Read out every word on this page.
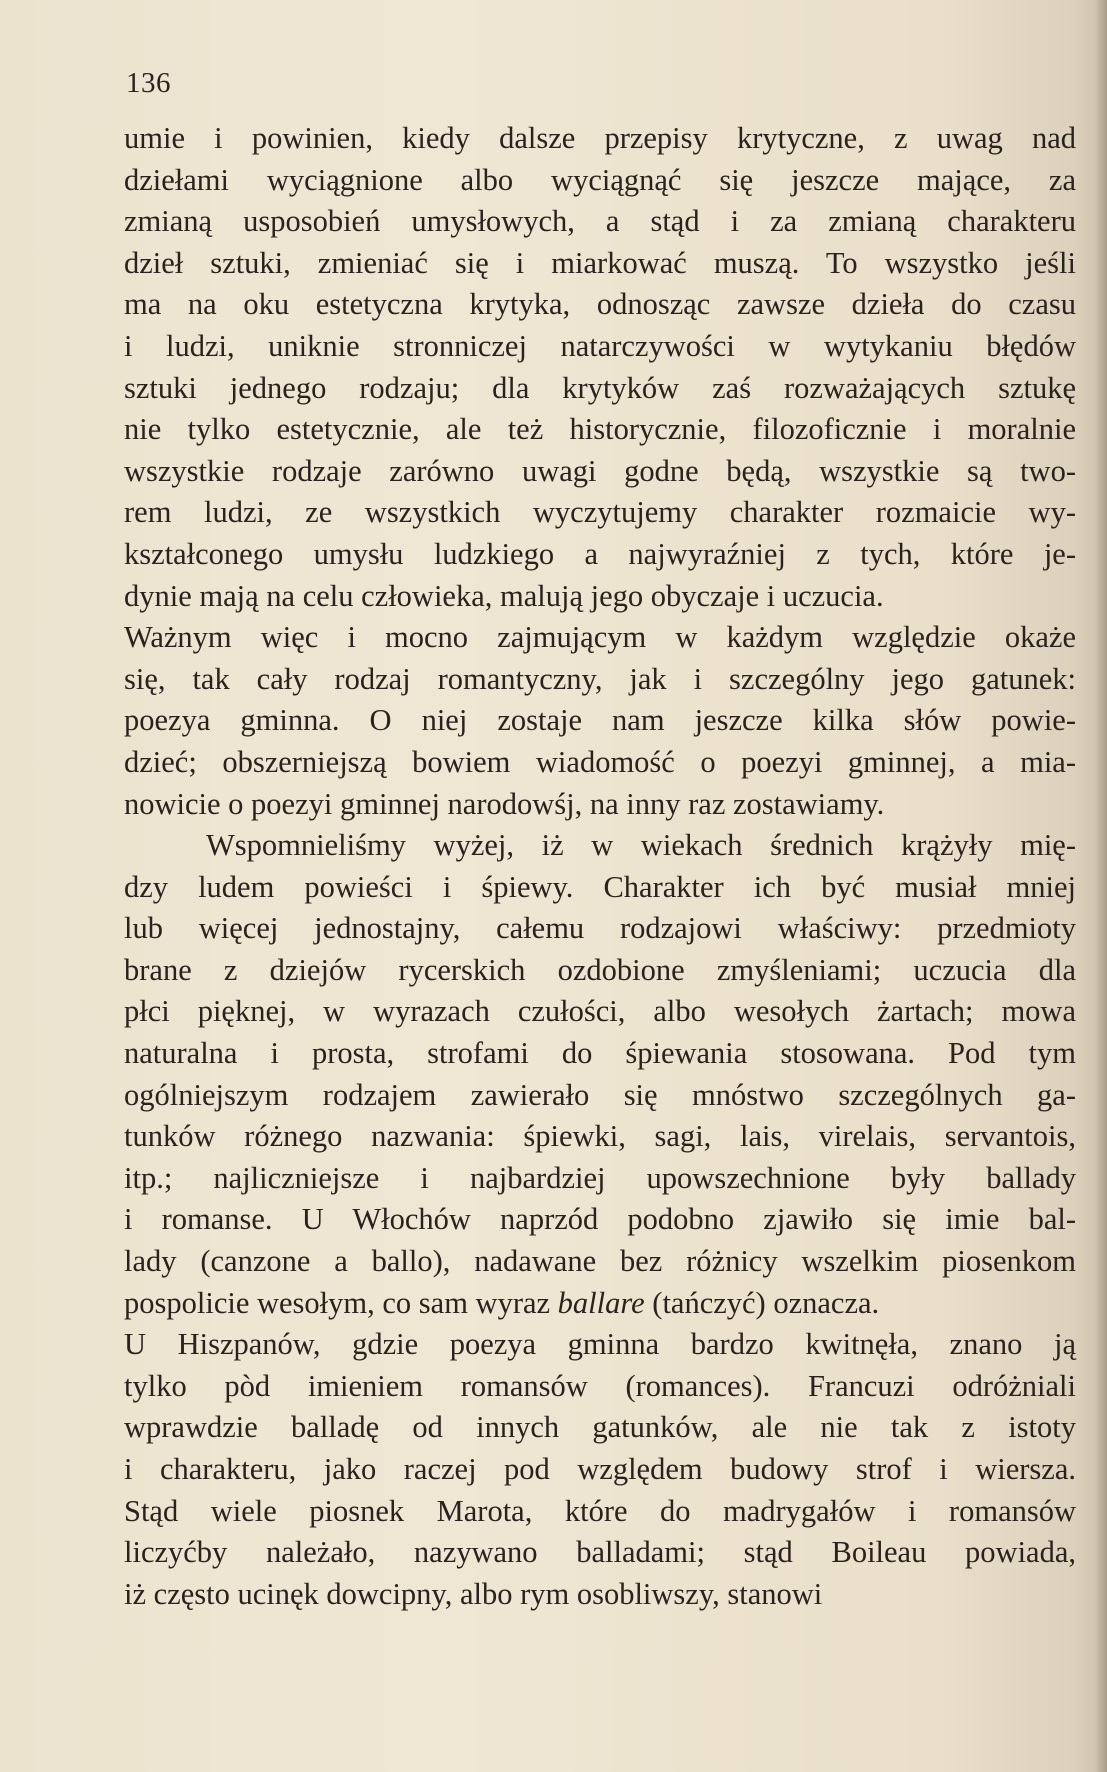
136
umie i powinien, kiedy dalsze przepisy krytyczne, z uwag nad
dziełami wyciągnione albo wyciągnąć się jeszcze mające, za
zmianą usposobień umysłowych, a stąd i za zmianą charakteru
dzieł sztuki, zmieniać się i miarkować muszą. To wszystko jeśli
ma na oku estetyczna krytyka, odnosząc zawsze dzieła do czasu
i ludzi, uniknie stronniczej natarczywości w wytykaniu błędów
sztuki jednego rodzaju; dla krytyków zaś rozważających sztukę
nie tylko estetycznie, ale też historycznie, filozoficznie i moralnie
wszystkie rodzaje zarówno uwagi godne będą, wszystkie są two-
rem ludzi, ze wszystkich wyczytujemy charakter rozmaicie wy-
kształconego umysłu ludzkiego a najwyraźniej z tych, które je-
dynie mają na celu człowieka, malują jego obyczaje i uczucia.
Ważnym więc i mocno zajmującym w każdym względzie okaże
się, tak cały rodzaj romantyczny, jak i szczególny jego gatunek:
poezya gminna. O niej zostaje nam jeszcze kilka słów powie-
dzieć; obszerniejszą bowiem wiadomość o poezyi gminnej, a mia-
nowicie o poezyi gminnej narodowśj, na inny raz zostawiamy.
Wspomnieliśmy wyżej, iż w wiekach średnich krążyły mię-
dzy ludem powieści i śpiewy. Charakter ich być musiał mniej
lub więcej jednostajny, całemu rodzajowi właściwy: przedmioty
brane z dziejów rycerskich ozdobione zmyśleniami; uczucia dla
płci pięknej, w wyrazach czułości, albo wesołych żartach; mowa
naturalna i prosta, strofami do śpiewania stosowana. Pod tym
ogólniejszym rodzajem zawierało się mnóstwo szczególnych ga-
tunków różnego nazwania: śpiewki, sagi, lais, virelais, servantois,
itp.; najliczniejsze i najbardziej upowszechnione były ballady
i romanse. U Włochów naprzód podobno zjawiło się imie bal-
lady (canzone a ballo), nadawane bez różnicy wszelkim piosenkom
pospolicie wesołym, co sam wyraz ballare (tańczyć) oznacza.
U Hiszpanów, gdzie poezya gminna bardzo kwitnęła, znano ją
tylko pòd imieniem romansów (romances). Francuzi odróżniali
wprawdzie balladę od innych gatunków, ale nie tak z istoty
i charakteru, jako raczej pod względem budowy strof i wiersza.
Stąd wiele piosnek Marota, które do madrygałów i romansów
liczyćby należało, nazywano balladami; stąd Boileau powiada,
iż często ucinęk dowcipny, albo rym osobliwszy, stanowi
